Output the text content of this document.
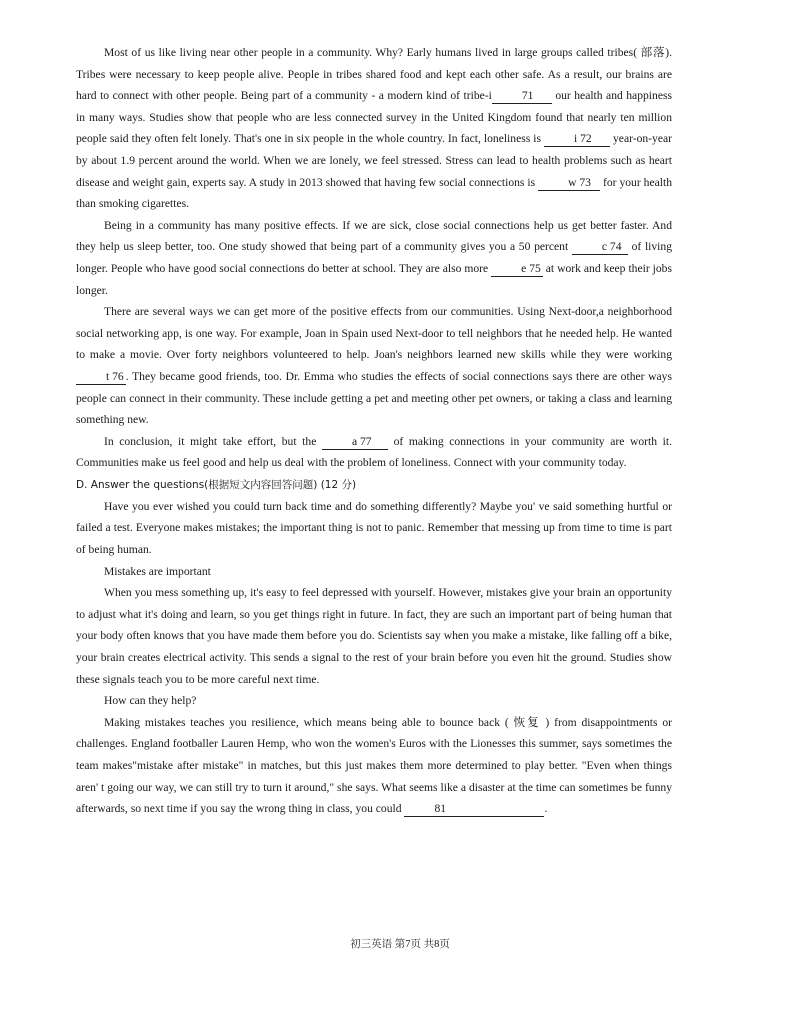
Most of us like living near other people in a community. Why? Early humans lived in large groups called tribes( 部落). Tribes were necessary to keep people alive. People in tribes shared food and kept each other safe. As a result, our brains are hard to connect with other people. Being part of a community - a modern kind of tribe-i	71 our health and happiness in many ways. Studies show that people who are less connected survey in the United Kingdom found that nearly ten million people said they often felt lonely. That's one in six people in the whole country. In fact, loneliness is	i 72 year-on-year by about 1.9 percent around the world. When we are lonely, we feel stressed. Stress can lead to health problems such as heart disease and weight gain, experts say. A study in 2013 showed that having few social connections is	w 73 for your health than smoking cigarettes.

Being in a community has many positive effects. If we are sick, close social connections help us get better faster. And they help us sleep better, too. One study showed that being part of a community gives you a 50 percent	c 74 of living longer. People who have good social connections do better at school. They are also more	e 75 at work and keep their jobs longer.

There are several ways we can get more of the positive effects from our communities. Using Next-door,a neighborhood social networking app, is one way. For example, Joan in Spain used Next-door to tell neighbors that he needed help. He wanted to make a movie. Over forty neighbors volunteered to help. Joan's neighbors learned new skills while they were working t 76 . They became good friends, too. Dr. Emma who studies the effects of social connections says there are other ways people can connect in their community. These include getting a pet and meeting other pet owners, or taking a class and learning something new.

In conclusion, it might take effort, but the	a 77 of making connections in your community are worth it. Communities make us feel good and help us deal with the problem of loneliness. Connect with your community today.

D. Answer the questions(根据短文内容回答问题) (12 分)

Have you ever wished you could turn back time and do something differently? Maybe you' ve said something hurtful or failed a test. Everyone makes mistakes; the important thing is not to panic. Remember that messing up from time to time is part of being human.

Mistakes are important

When you mess something up, it's easy to feel depressed with yourself. However, mistakes give your brain an opportunity to adjust what it's doing and learn, so you get things right in future. In fact, they are such an important part of being human that your body often knows that you have made them before you do. Scientists say when you make a mistake, like falling off a bike, your brain creates electrical activity. This sends a signal to the rest of your brain before you even hit the ground. Studies show these signals teach you to be more careful next time.

How can they help?

Making mistakes teaches you resilience, which means being able to bounce back ( 恢复 ) from disappointments or challenges. England footballer Lauren Hemp, who won the women's Euros with the Lionesses this summer, says sometimes the team makes"mistake after mistake" in matches, but this just makes them more determined to play better. "Even when things aren' t going our way, we can still try to turn it around," she says. What seems like a disaster at the time can sometimes be funny afterwards, so next time if you say the wrong thing in class, you could	81	.

初三英语 第7页 共8页
